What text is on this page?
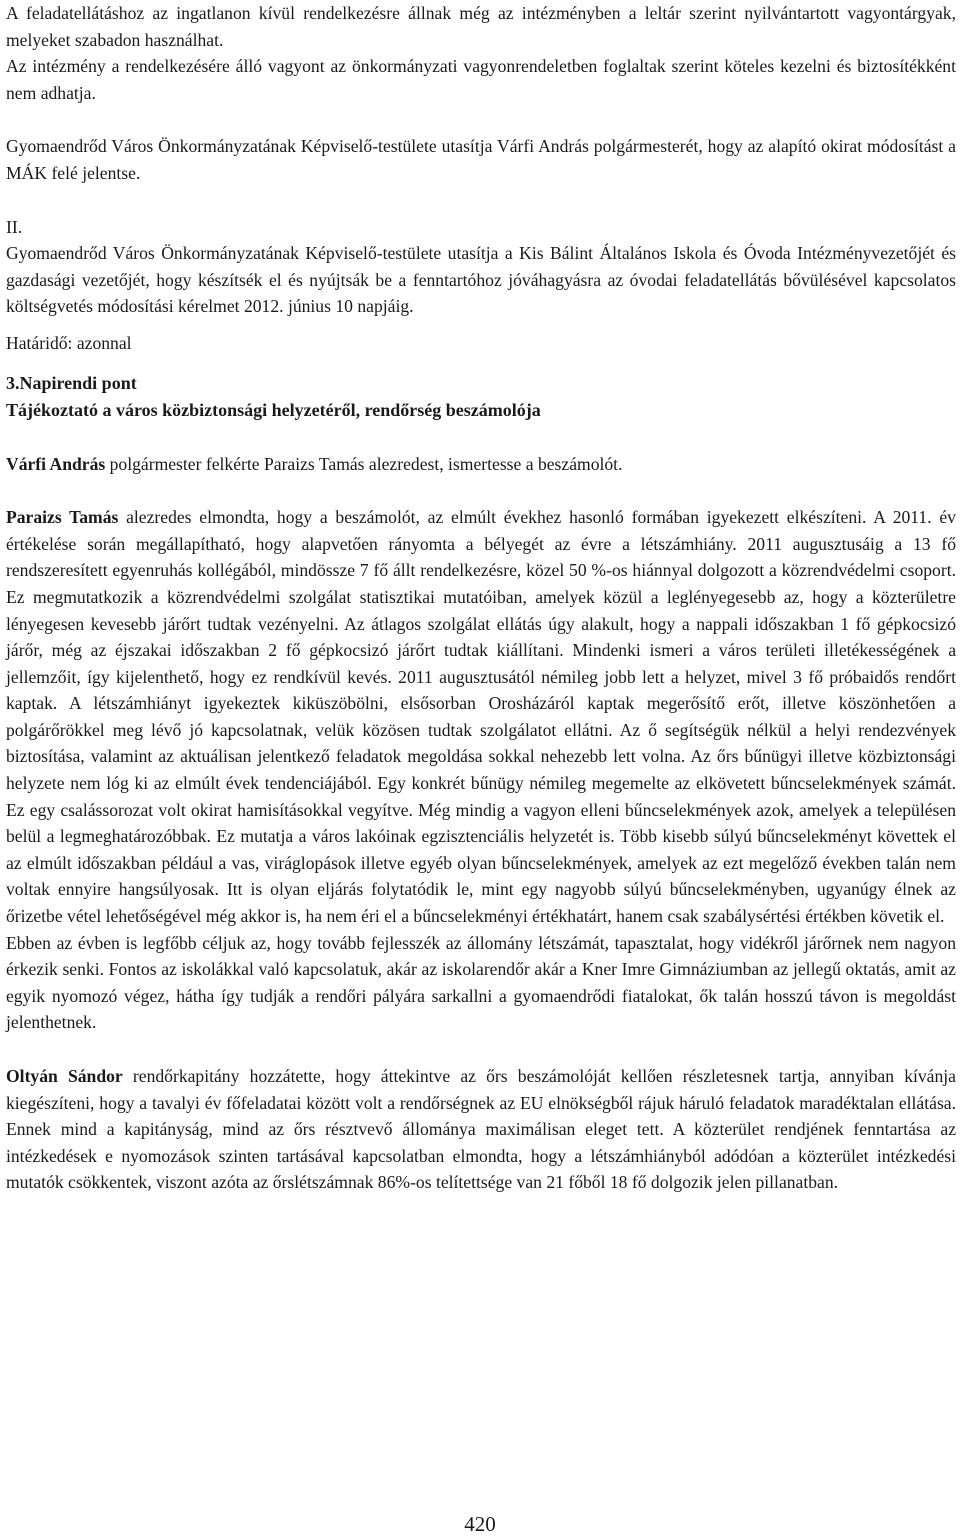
A feladatellátáshoz az ingatlanon kívül rendelkezésre állnak még az intézményben a leltár szerint nyilvántartott vagyontárgyak, melyeket szabadon használhat.

Az intézmény a rendelkezésére álló vagyont az önkormányzati vagyonrendeletben foglaltak szerint köteles kezelni és biztosítékként nem adhatja.

Gyomaendrőd Város Önkormányzatának Képviselő-testülete utasítja Várfi András polgármesterét, hogy az alapító okirat módosítást a MÁK felé jelentse.

II.

Gyomaendrőd Város Önkormányzatának Képviselő-testülete utasítja a Kis Bálint Általános Iskola és Óvoda Intézményvezetőjét és gazdasági vezetőjét, hogy készítsék el és nyújtsák be a fenntartóhoz jóváhagyásra az óvodai feladatellátás bővülésével kapcsolatos költségvetés módosítási kérelmet 2012. június 10 napjáig.

Határidő: azonnal

3.Napirendi pont

Tájékoztató a város közbiztonsági helyzetéről, rendőrség beszámolója

Várfi András polgármester felkérte Paraizs Tamás alezredest, ismertesse a beszámolót.

Paraizs Tamás alezredes elmondta, hogy a beszámolót, az elmúlt évekhez hasonló formában igyekezett elkészíteni. A 2011. év értékelése során megállapítható, hogy alapvetően rányomta a bélyegét az évre a létszámhiány. 2011 augusztusáig a 13 fő rendszeresített egyenruhás kollégából, mindössze 7 fő állt rendelkezésre, közel 50 %-os hiánnyal dolgozott a közrendvédelmi csoport. Ez megmutatkozik a közrendvédelmi szolgálat statisztikai mutatóiban, amelyek közül a leglényegesebb az, hogy a közterületre lényegesen kevesebb járőrt tudtak vezényelni. Az átlagos szolgálat ellátás úgy alakult, hogy a nappali időszakban 1 fő gépkocsizó járőr, még az éjszakai időszakban 2 fő gépkocsizó járőrt tudtak kiállítani. Mindenki ismeri a város területi illetékességének a jellemzőit, így kijelenthető, hogy ez rendkívül kevés. 2011 augusztusától némileg jobb lett a helyzet, mivel 3 fő próbaidős rendőrt kaptak. A létszámhiányt igyekeztek kiküszöbölni, elsősorban Orosházáról kaptak megerősítő erőt, illetve köszönhetően a polgárőrökkel meg lévő jó kapcsolatnak, velük közösen tudtak szolgálatot ellátni. Az ő segítségük nélkül a helyi rendezvények biztosítása, valamint az aktuálisan jelentkező feladatok megoldása sokkal nehezebb lett volna. Az őrs bűnügyi illetve közbiztonsági helyzete nem lóg ki az elmúlt évek tendenciájából. Egy konkrét bűnügy némileg megemelte az elkövetett bűncselekmények számát. Ez egy csalássorozat volt okirat hamisításokkal vegyítve. Még mindig a vagyon elleni bűncselekmények azok, amelyek a településen belül a legmeghatározóbbak. Ez mutatja a város lakóinak egzisztenciális helyzetét is. Több kisebb súlyú bűncselekményt követtek el az elmúlt időszakban például a vas, viráglopások illetve egyéb olyan bűncselekmények, amelyek az ezt megelőző években talán nem voltak ennyire hangsúlyosak. Itt is olyan eljárás folytatódik le, mint egy nagyobb súlyú bűncselekményben, ugyanúgy élnek az őrizetbe vétel lehetőségével még akkor is, ha nem éri el a bűncselekményi értékhatárt, hanem csak szabálysértési értékben követik el.

Ebben az évben is legfőbb céljuk az, hogy tovább fejlesszék az állomány létszámát, tapasztalat, hogy vidékről járőrnek nem nagyon érkezik senki. Fontos az iskolákkal való kapcsolatuk, akár az iskolarendőr akár a Kner Imre Gimnáziumban az jellegű oktatás, amit az egyik nyomozó végez, hátha így tudják a rendőri pályára sarkallni a gyomaendrődi fiatalokat, ők talán hosszú távon is megoldást jelenthetnek.

Oltyán Sándor rendőrkapitány hozzátette, hogy áttekintve az őrs beszámolóját kellően részletesnek tartja, annyiban kívánja kiegészíteni, hogy a tavalyi év főfeladatai között volt a rendőrségnek az EU elnökségből rájuk háruló feladatok maradéktalan ellátása. Ennek mind a kapitányság, mind az őrs résztvevő állománya maximálisan eleget tett. A közterület rendjének fenntartása az intézkedések e nyomozások szinten tartásával kapcsolatban elmondta, hogy a létszámhiányból adódóan a közterület intézkedési mutatók csökkentek, viszont azóta az őrslétszámnak 86%-os telítettsége van 21 főből 18 fő dolgozik jelen pillanatban.

420
